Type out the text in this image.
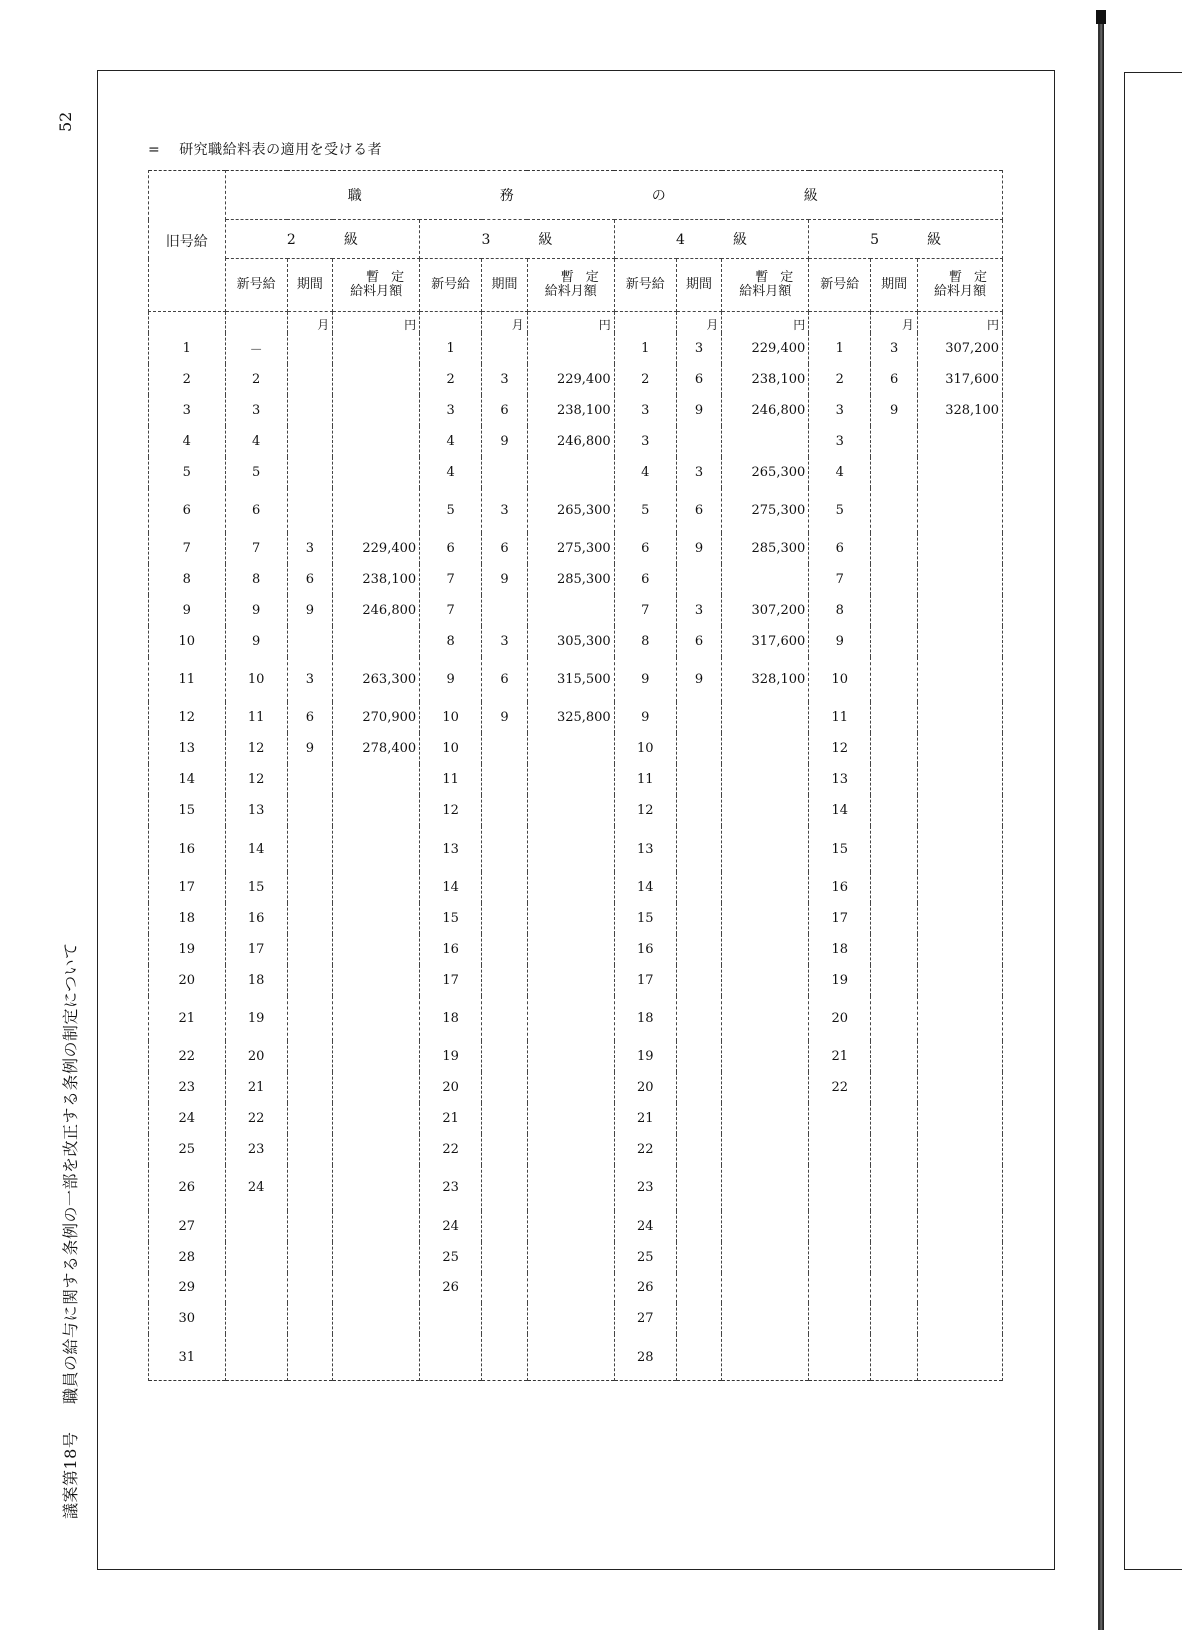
52
議案第18号 職員の給与に関する条例の一部を改正する条例の制定について
= 研究職給料表の適用を受ける者
旧号給	職　務　の　級											
	2 級			3 級			4 級			5 級		
	新号給	期間	暫定
給料月額	新号給	期間	暫定
給料月額	新号給	期間	暫定
給料月額	新号給	期間	暫定
給料月額

		月	円		月	円		月	円		月	円
1	－			1			1	3	229,400	1	3	307,200
2	2			2	3	229,400	2	6	238,100	2	6	317,600
3	3			3	6	238,100	3	9	246,800	3	9	328,100
4	4			4	9	246,800	3			3		
5	5			4			4	3	265,300	4		
6	6			5	3	265,300	5	6	275,300	5		
7	7	3	229,400	6	6	275,300	6	9	285,300	6		
8	8	6	238,100	7	9	285,300	6			7		
9	9	9	246,800	7			7	3	307,200	8		
10	9			8	3	305,300	8	6	317,600	9		
11	10	3	263,300	9	6	315,500	9	9	328,100	10		
12	11	6	270,900	10	9	325,800	9			11		
13	12	9	278,400	10			10			12		
14	12			11			11			13		
15	13			12			12			14		
16	14			13			13			15		
17	15			14			14			16		
18	16			15			15			17		
19	17			16			16			18		
20	18			17			17			19		
21	19			18			18			20		
22	20			19			19			21		
23	21			20			20			22		
24	22			21			21					
25	23			22			22					
26	24			23			23					
27				24			24					
28				25			25					
29				26			26					
30							27					
31							28					
